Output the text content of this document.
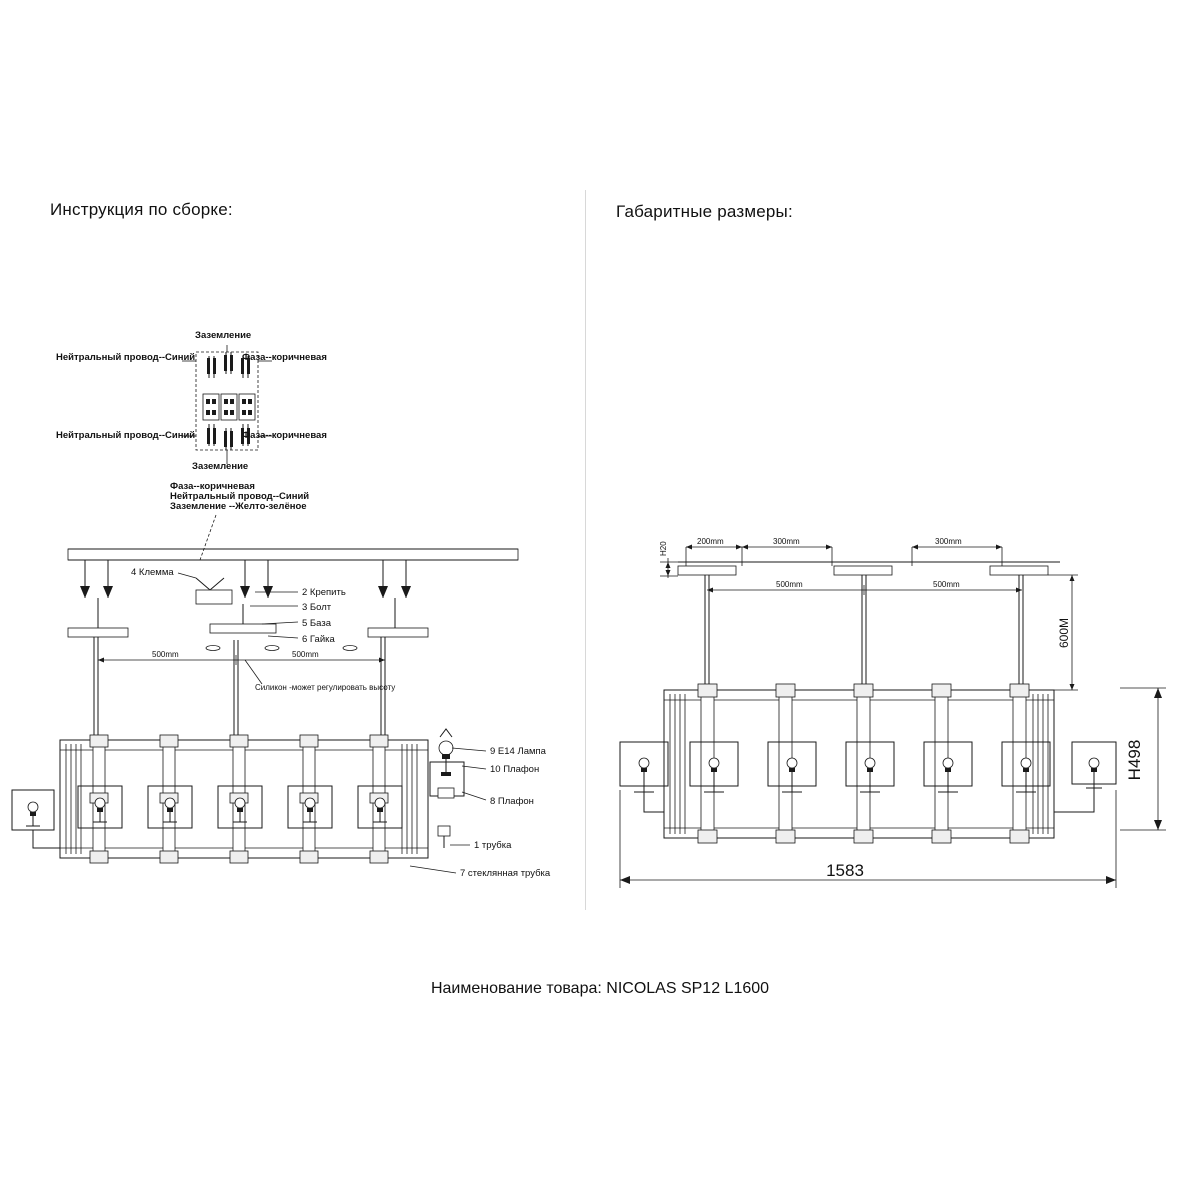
Инструкция по сборке:	Габаритные размеры:
Заземление
Нейтральный провод--Синий	Фаза--коричневая
Нейтральный провод--Синий	Фаза--коричневая
Заземление
Фаза--коричневая
Нейтральный провод--Синий
Заземление --Желто-зелёное
4 Клемма
2 Крепить
3 Болт
5 База
6 Гайка
500mm	500mm
Силикон -может регулировать высоту
9 E14 Лампа
10 Плафон
8 Плафон
1 трубка
7 стеклянная трубка
H20	200mm	300mm	300mm
500mm	500mm
600M
1583
H498
Наименование товара: NICOLAS SP12 L1600
